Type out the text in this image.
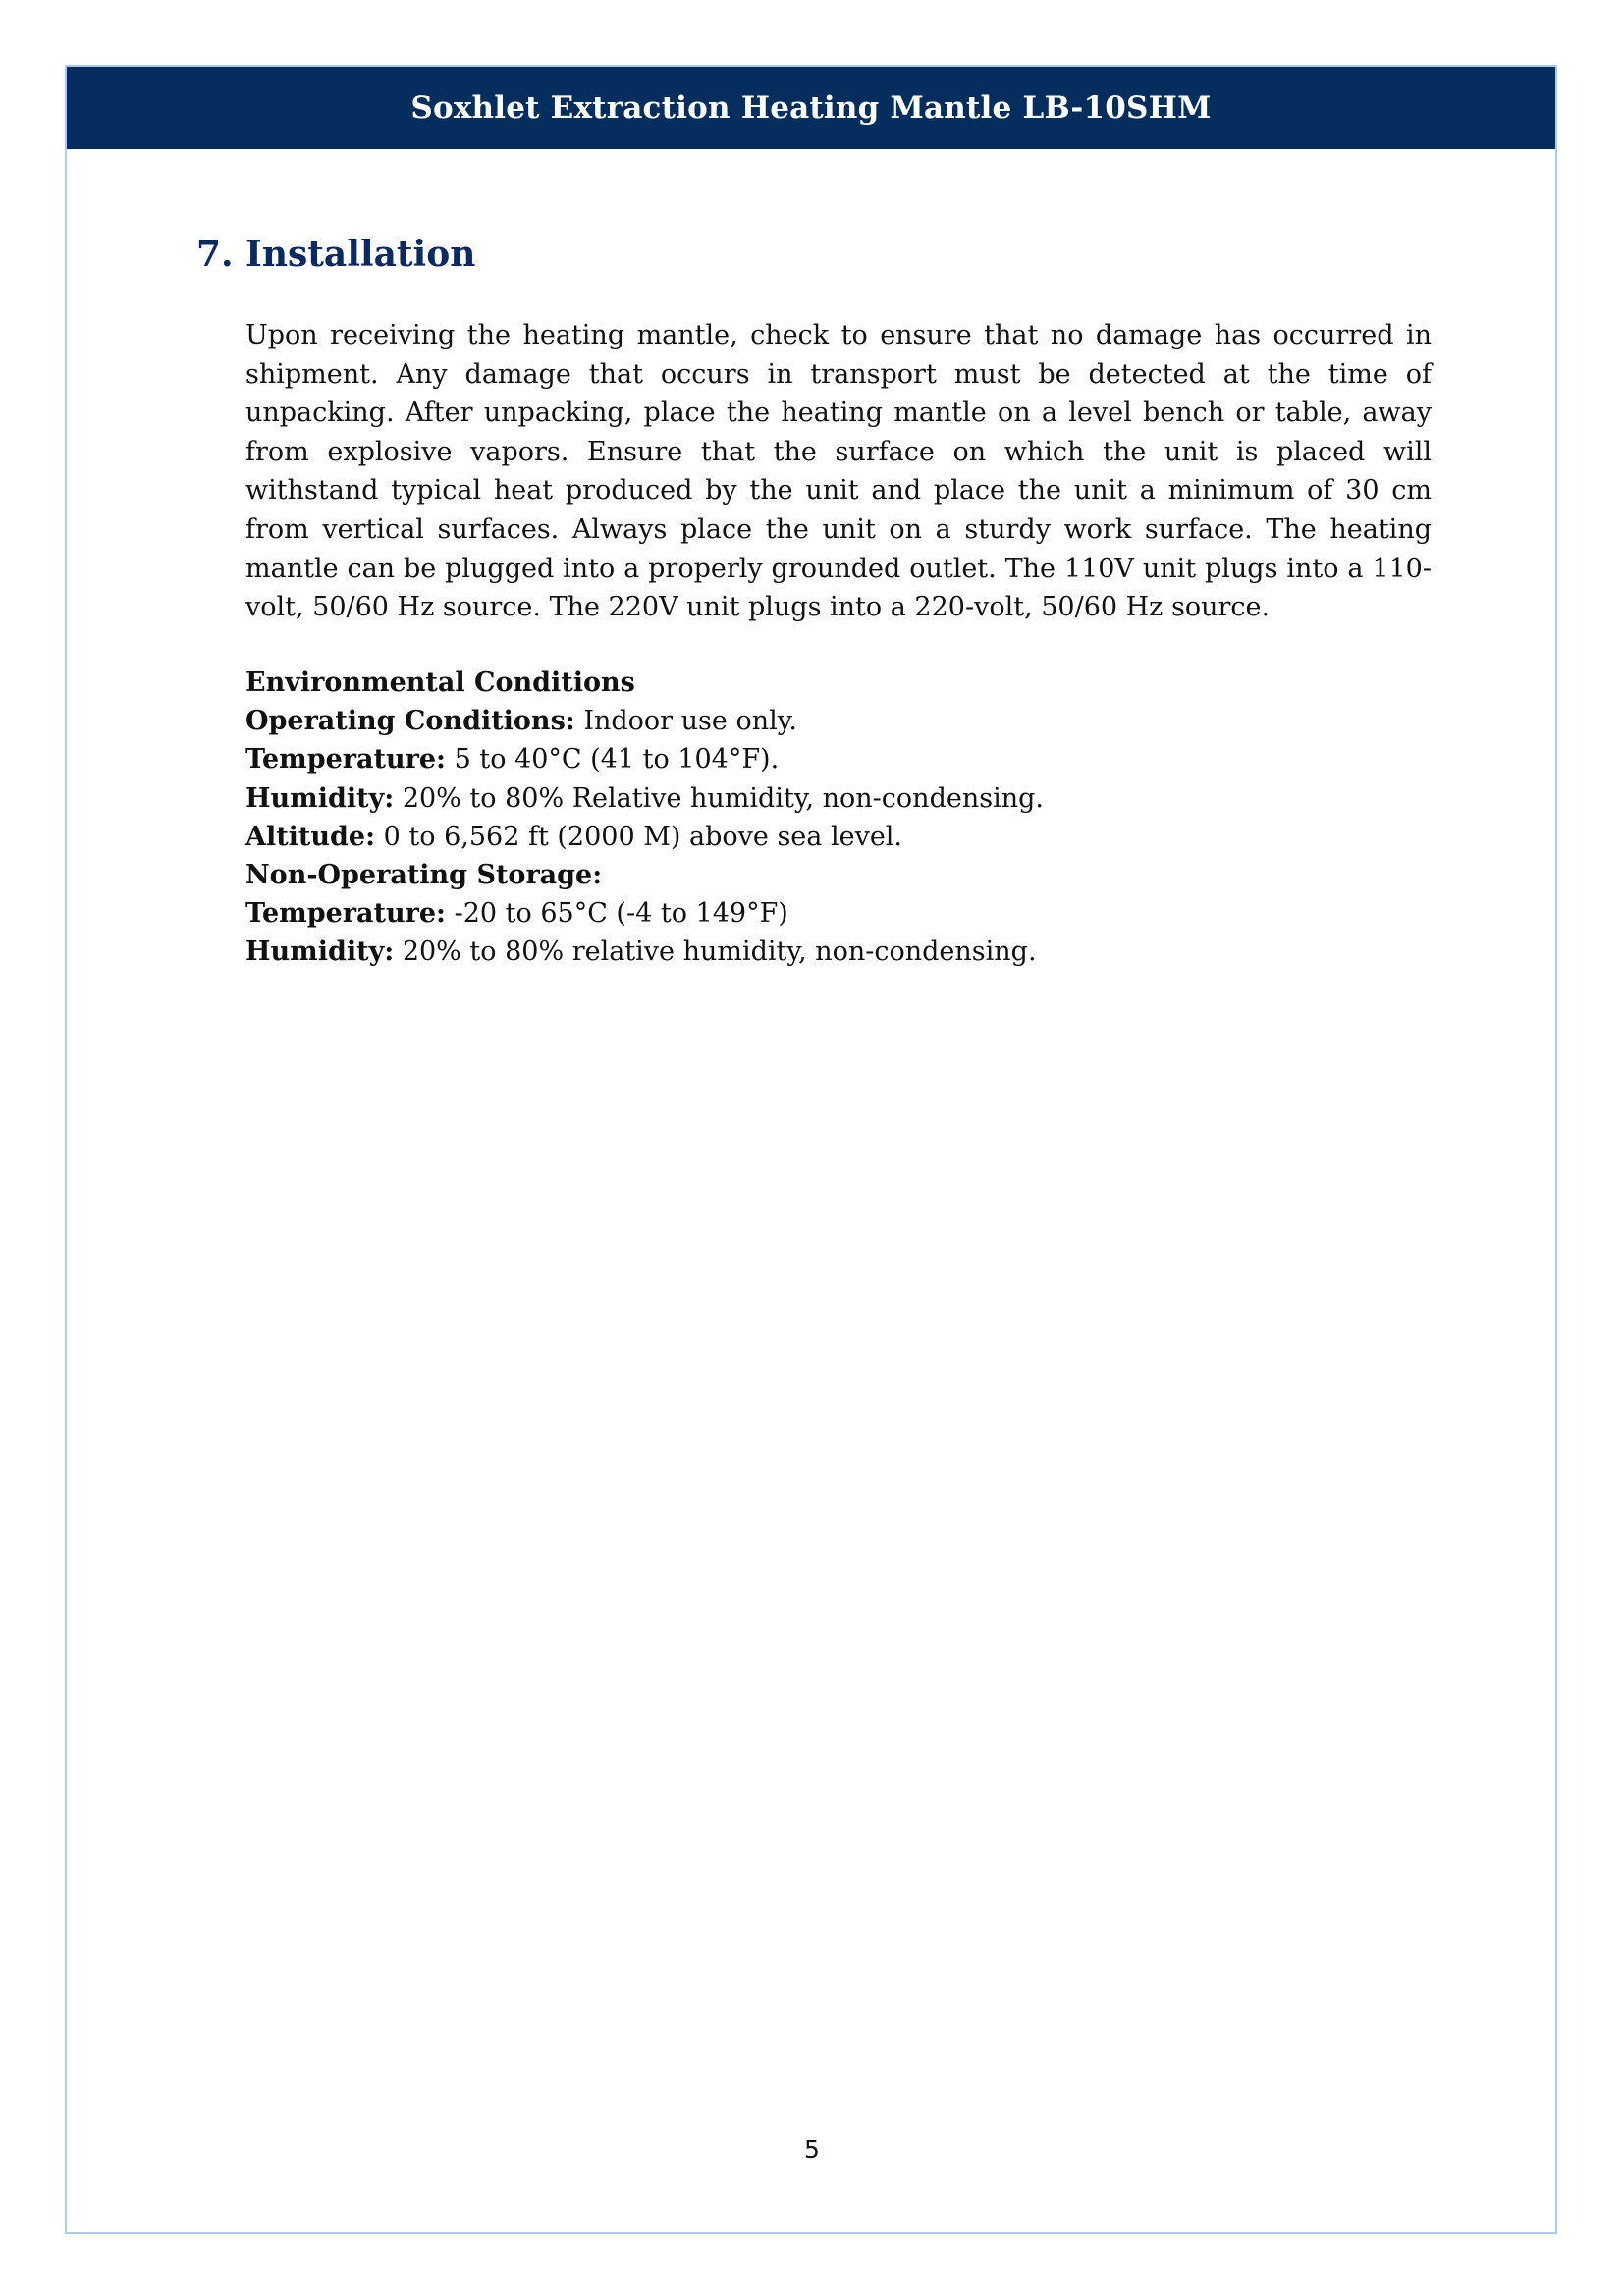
Soxhlet Extraction Heating Mantle LB-10SHM
7. Installation

Upon receiving the heating mantle, check to ensure that no damage has occurred in shipment. Any damage that occurs in transport must be detected at the time of unpacking. After unpacking, place the heating mantle on a level bench or table, away from explosive vapors. Ensure that the surface on which the unit is placed will withstand typical heat produced by the unit and place the unit a minimum of 30 cm from vertical surfaces. Always place the unit on a sturdy work surface. The heating mantle can be plugged into a properly grounded outlet. The 110V unit plugs into a 110-volt, 50/60 Hz source. The 220V unit plugs into a 220-volt, 50/60 Hz source.

Environmental Conditions
Operating Conditions: Indoor use only.
Temperature: 5 to 40°C (41 to 104°F).
Humidity: 20% to 80% Relative humidity, non-condensing.
Altitude: 0 to 6,562 ft (2000 M) above sea level.
Non-Operating Storage:
Temperature: -20 to 65°C (-4 to 149°F)
Humidity: 20% to 80% relative humidity, non-condensing.
5
